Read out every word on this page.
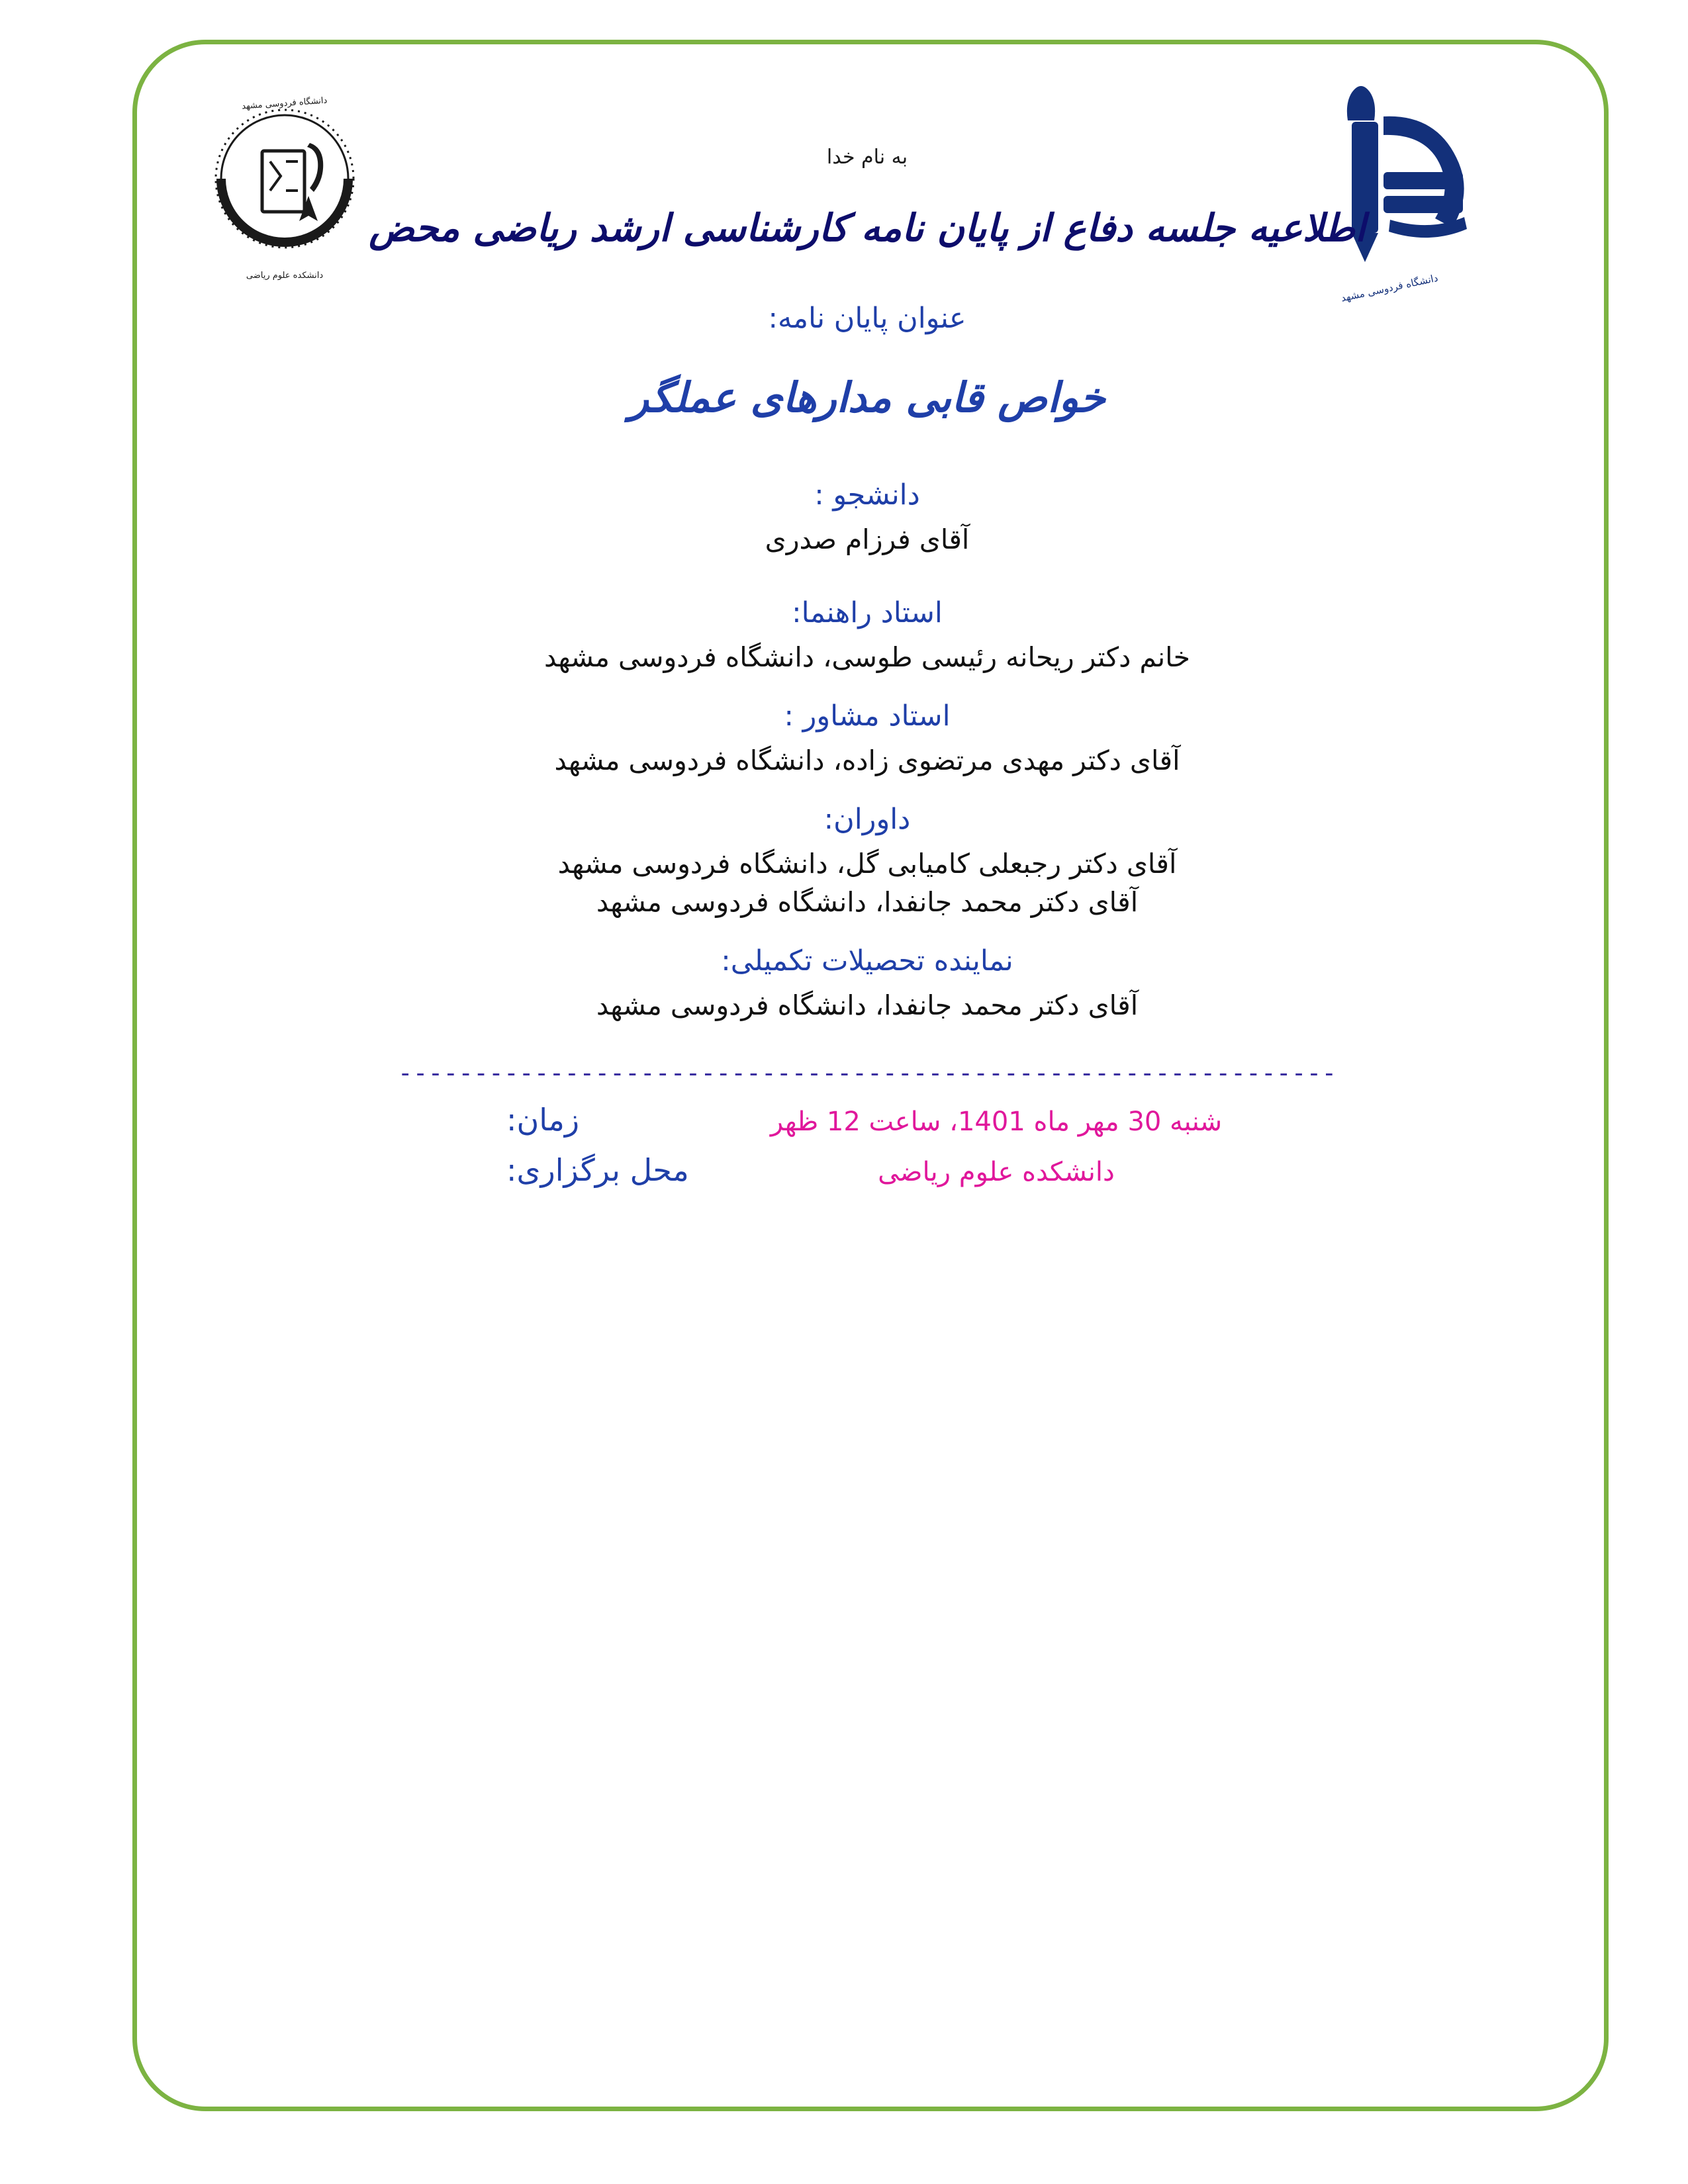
دانشگاه فردوسی مشهد
دانشکده علوم ریاضی	دانشگاه فردوسی مشهد
به نام خدا
اطلاعیه جلسه دفاع از پایان نامه کارشناسی ارشد ریاضی محض
عنوان پایان نامه:
خواص قابی مدارهای عملگر
دانشجو :
آقای فرزام صدری
استاد راهنما:
خانم دکتر ریحانه رئیسی طوسی، دانشگاه فردوسی مشهد
استاد مشاور :
آقای دکتر مهدی مرتضوی زاده، دانشگاه فردوسی مشهد
داوران:
آقای دکتر رجبعلی کامیابی گل، دانشگاه فردوسی مشهد
آقای دکتر محمد جانفدا، دانشگاه فردوسی مشهد
نماینده تحصیلات تکمیلی:
آقای دکتر محمد جانفدا، دانشگاه فردوسی مشهد
--------------------------------------------------------------
شنبه 30 مهر ماه 1401، ساعت 12 ظهر
زمان:
دانشکده علوم ریاضی
محل برگزاری:
